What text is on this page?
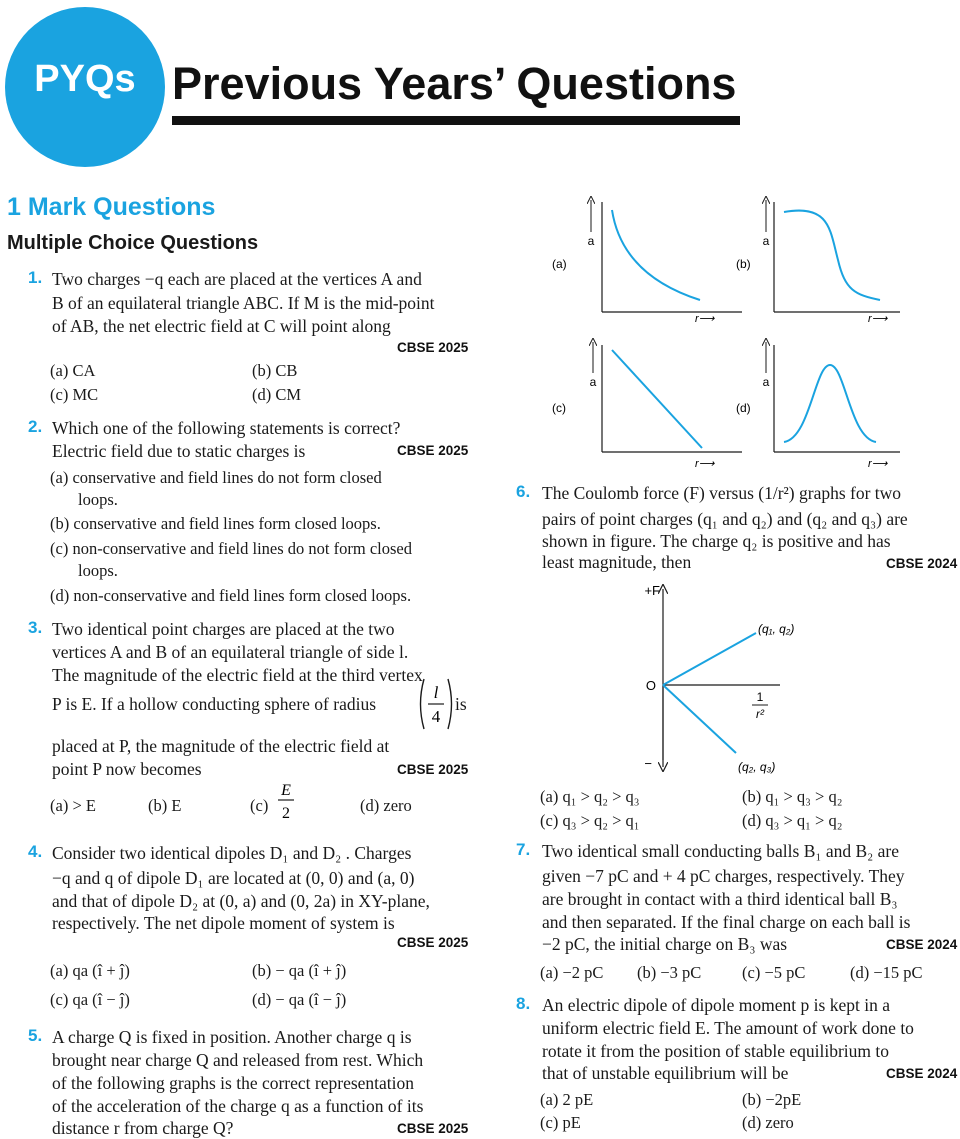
PYQs Previous Years’ Questions
1 Mark Questions
Multiple Choice Questions
1. Two charges −q each are placed at the vertices A and
B of an equilateral triangle ABC. If M is the mid-point
of AB, the net electric field at C will point along
CBSE 2025
(a) CA	(b) CB
(c) MC	(d) CM
2. Which one of the following statements is correct?
Electric field due to static charges is	CBSE 2025
(a) conservative and field lines do not form closed
loops.
(b) conservative and field lines form closed loops.
(c) non-conservative and field lines do not form closed
loops.
(d) non-conservative and field lines form closed loops.
3. Two identical point charges are placed at the two
vertices A and B of an equilateral triangle of side l.
The magnitude of the electric field at the third vertex
P is E. If a hollow conducting sphere of radius
l
4
is
placed at P, the magnitude of the electric field at
point P now becomes	CBSE 2025
(a) > E	(b) E	(c)
E
2	(d) zero
4. Consider two identical dipoles D₁ and D₂ . Charges
−q and q of dipole D₁ are located at (0, 0) and (a, 0)
and that of dipole D₂ at (0, a) and (0, 2a) in XY-plane,
respectively. The net dipole moment of system is
CBSE 2025
(a) qa (î + ĵ)	(b) − qa (î + ĵ)
(c) qa (î − ĵ)	(d) − qa (î − ĵ)
5. A charge Q is fixed in position. Another charge q is
brought near charge Q and released from rest. Which
of the following graphs is the correct representation
of the acceleration of the charge q as a function of its
distance r from charge Q?	CBSE 2025
a
(a)
r⟶
a
(b)
r⟶
a
(c)
r⟶
a
(d)
r⟶
6. The Coulomb force (F) versus (1/r²) graphs for two
pairs of point charges (q₁ and q₂) and (q₂ and q₃) are
shown in figure. The charge q₂ is positive and has
least magnitude, then	CBSE 2024
+F
O
−
1
r²
(q₁, q₂)
(q₂, q₃)
(a) q₁ > q₂ > q₃	(b) q₁ > q₃ > q₂
(c) q₃ > q₂ > q₁	(d) q₃ > q₁ > q₂
7. Two identical small conducting balls B₁ and B₂ are
given −7 pC and + 4 pC charges, respectively. They
are brought in contact with a third identical ball B₃
and then separated. If the final charge on each ball is
−2 pC, the initial charge on B₃ was	CBSE 2024
(a) −2 pC (b) −3 pC (c) −5 pC	(d) −15 pC
8. An electric dipole of dipole moment p is kept in a
uniform electric field E. The amount of work done to
rotate it from the position of stable equilibrium to
that of unstable equilibrium will be	CBSE 2024
(a) 2 pE	(b) −2pE
(c) pE	(d) zero
